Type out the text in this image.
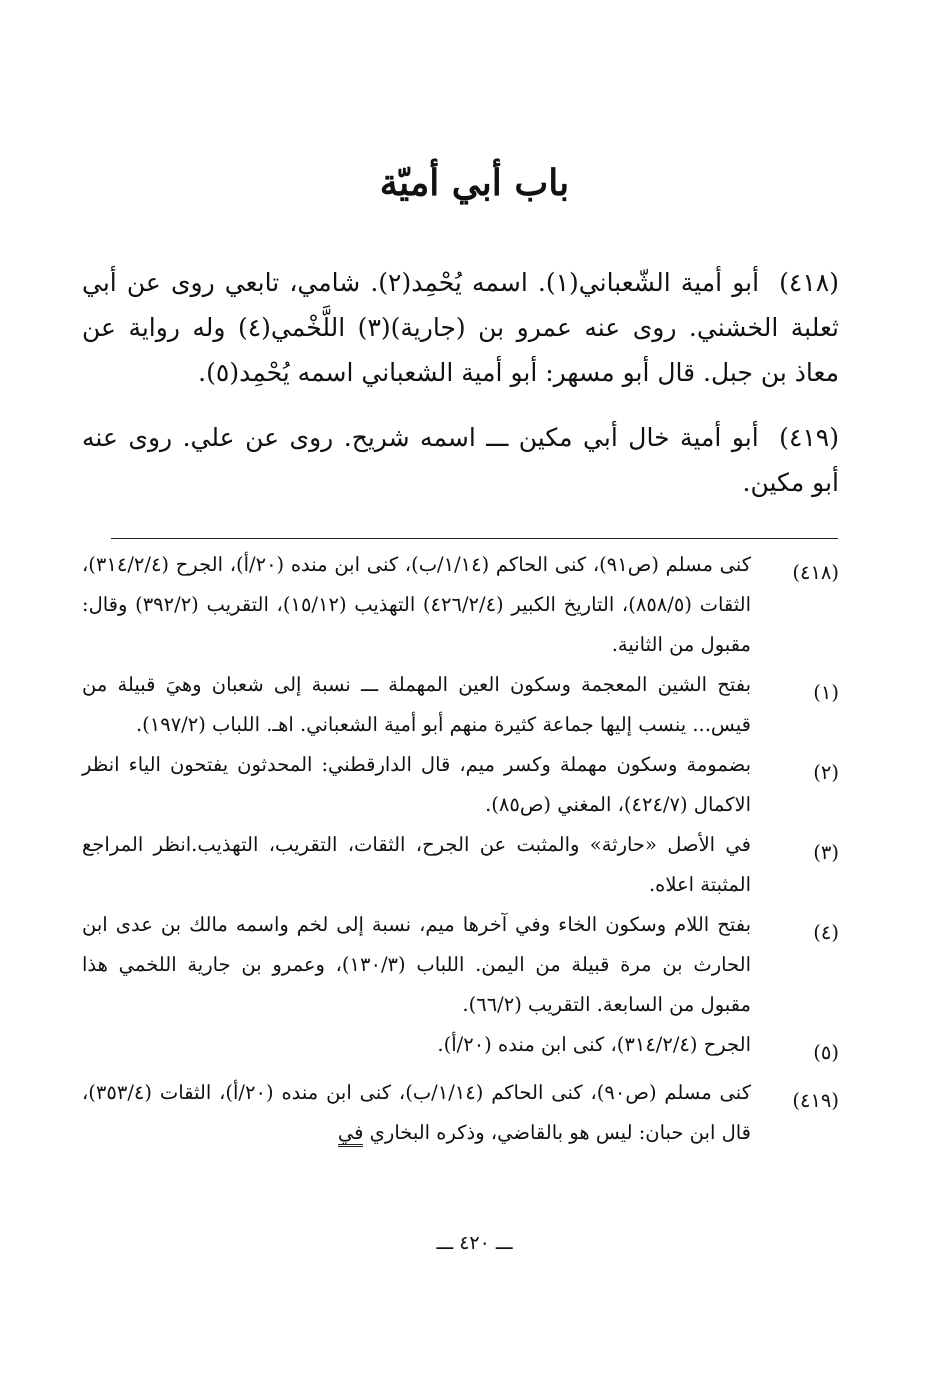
باب أبي أميّة
(٤١٨) أبو أمية الشّعباني(١). اسمه يُحْمِد(٢). شامي، تابعي روى عن أبي ثعلبة الخشني. روى عنه عمرو بن (جارية)(٣) اللَّخْمي(٤) وله رواية عن معاذ بن جبل. قال أبو مسهر: أبو أمية الشعباني اسمه يُحْمِد(٥).
(٤١٩) أبو أمية خال أبي مكين ـــ اسمه شريح. روى عن علي. روى عنه أبو مكين.
(٤١٨)
كنى مسلم (ص٩١)، كنى الحاكم (١/١٤/ب)، كنى ابن منده (٢٠/أ)، الجرح (٣١٤/٢/٤)، الثقات (٨٥٨/٥)، التاريخ الكبير (٤٢٦/٢/٤) التهذيب (١٥/١٢)، التقريب (٣٩٢/٢) وقال: مقبول من الثانية.
(١)
بفتح الشين المعجمة وسكون العين المهملة ـــ نسبة إلى شعبان وهيَ قبيلة من قيس... ينسب إليها جماعة كثيرة منهم أبو أمية الشعباني. اهـ. اللباب (١٩٧/٢).
(٢)
بضمومة وسكون مهملة وكسر ميم، قال الدارقطني: المحدثون يفتحون الياء انظر الاكمال (٤٢٤/٧)، المغني (ص٨٥).
(٣)
في الأصل «حارثة» والمثبت عن الجرح، الثقات، التقريب، التهذيب.انظر المراجع المثبتة اعلاه.
(٤)
بفتح اللام وسكون الخاء وفي آخرها ميم، نسبة إلى لخم واسمه مالك بن عدى ابن الحارث بن مرة قبيلة من اليمن. اللباب (١٣٠/٣)، وعمرو بن جارية اللخمي هذا مقبول من السابعة. التقريب (٦٦/٢).
(٥)
الجرح (٣١٤/٢/٤)، كنى ابن منده (٢٠/أ).
(٤١٩)
كنى مسلم (ص٩٠)، كنى الحاكم (١/١٤/ب)، كنى ابن منده (٢٠/أ)، الثقات (٣٥٣/٤)، قال ابن حبان: ليس هو بالقاضي، وذكره البخاري في
ـــ ٤٢٠ ـــ
